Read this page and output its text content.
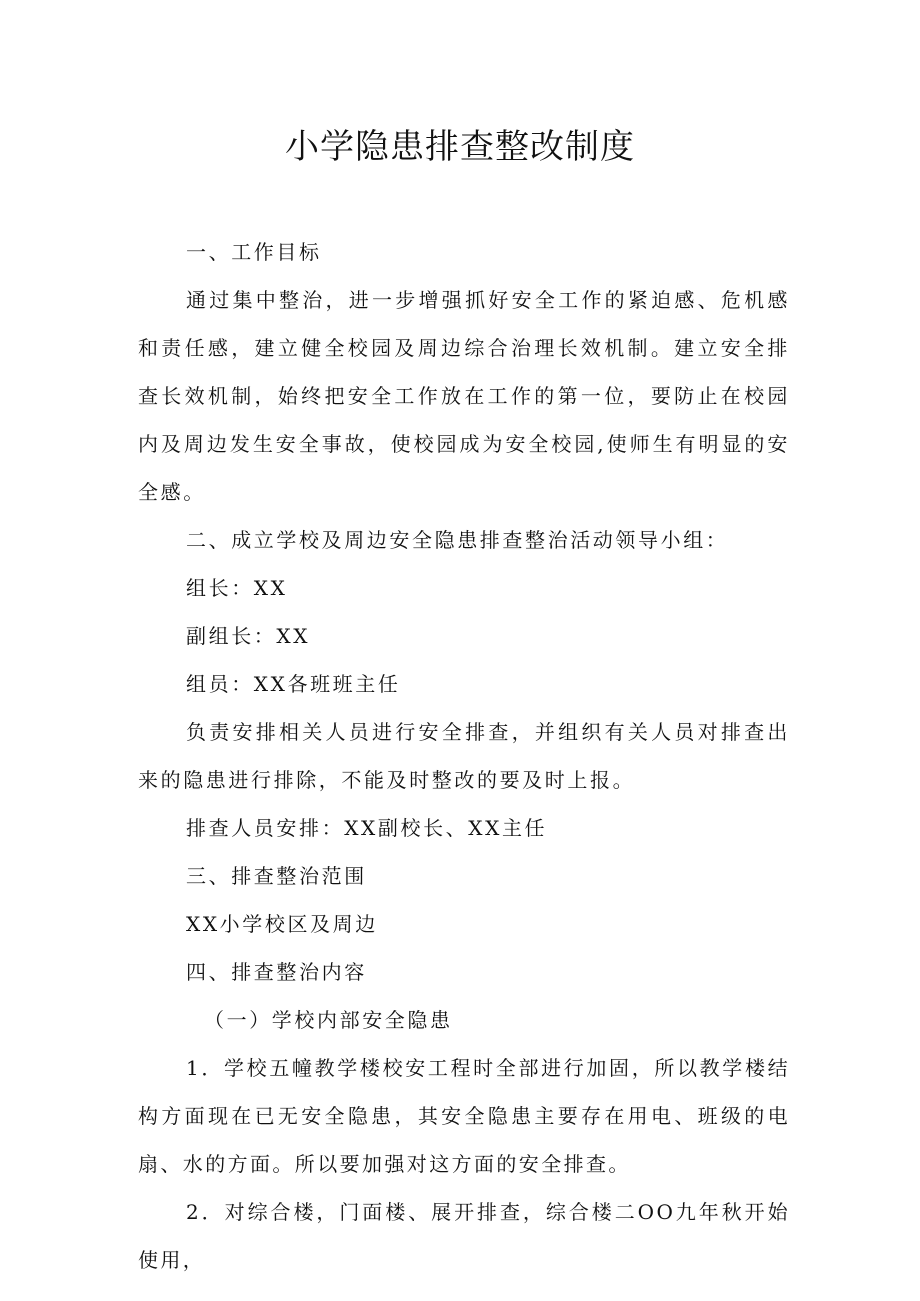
小学隐患排查整改制度

一、工作目标

通过集中整治，进一步增强抓好安全工作的紧迫感、危机感和责任感，建立健全校园及周边综合治理长效机制。建立安全排查长效机制，始终把安全工作放在工作的第一位，要防止在校园内及周边发生安全事故，使校园成为安全校园,使师生有明显的安全感。

二、成立学校及周边安全隐患排查整治活动领导小组：

组长：XX

副组长：XX

组员：XX各班班主任

负责安排相关人员进行安全排查，并组织有关人员对排查出来的隐患进行排除，不能及时整改的要及时上报。

排查人员安排：XX副校长、XX主任

三、排查整治范围

XX小学校区及周边

四、排查整治内容

（一）学校内部安全隐患

1．学校五幢教学楼校安工程时全部进行加固，所以教学楼结构方面现在已无安全隐患，其安全隐患主要存在用电、班级的电扇、水的方面。所以要加强对这方面的安全排查。

2．对综合楼，门面楼、展开排查，综合楼二OO九年秋开始使用，
